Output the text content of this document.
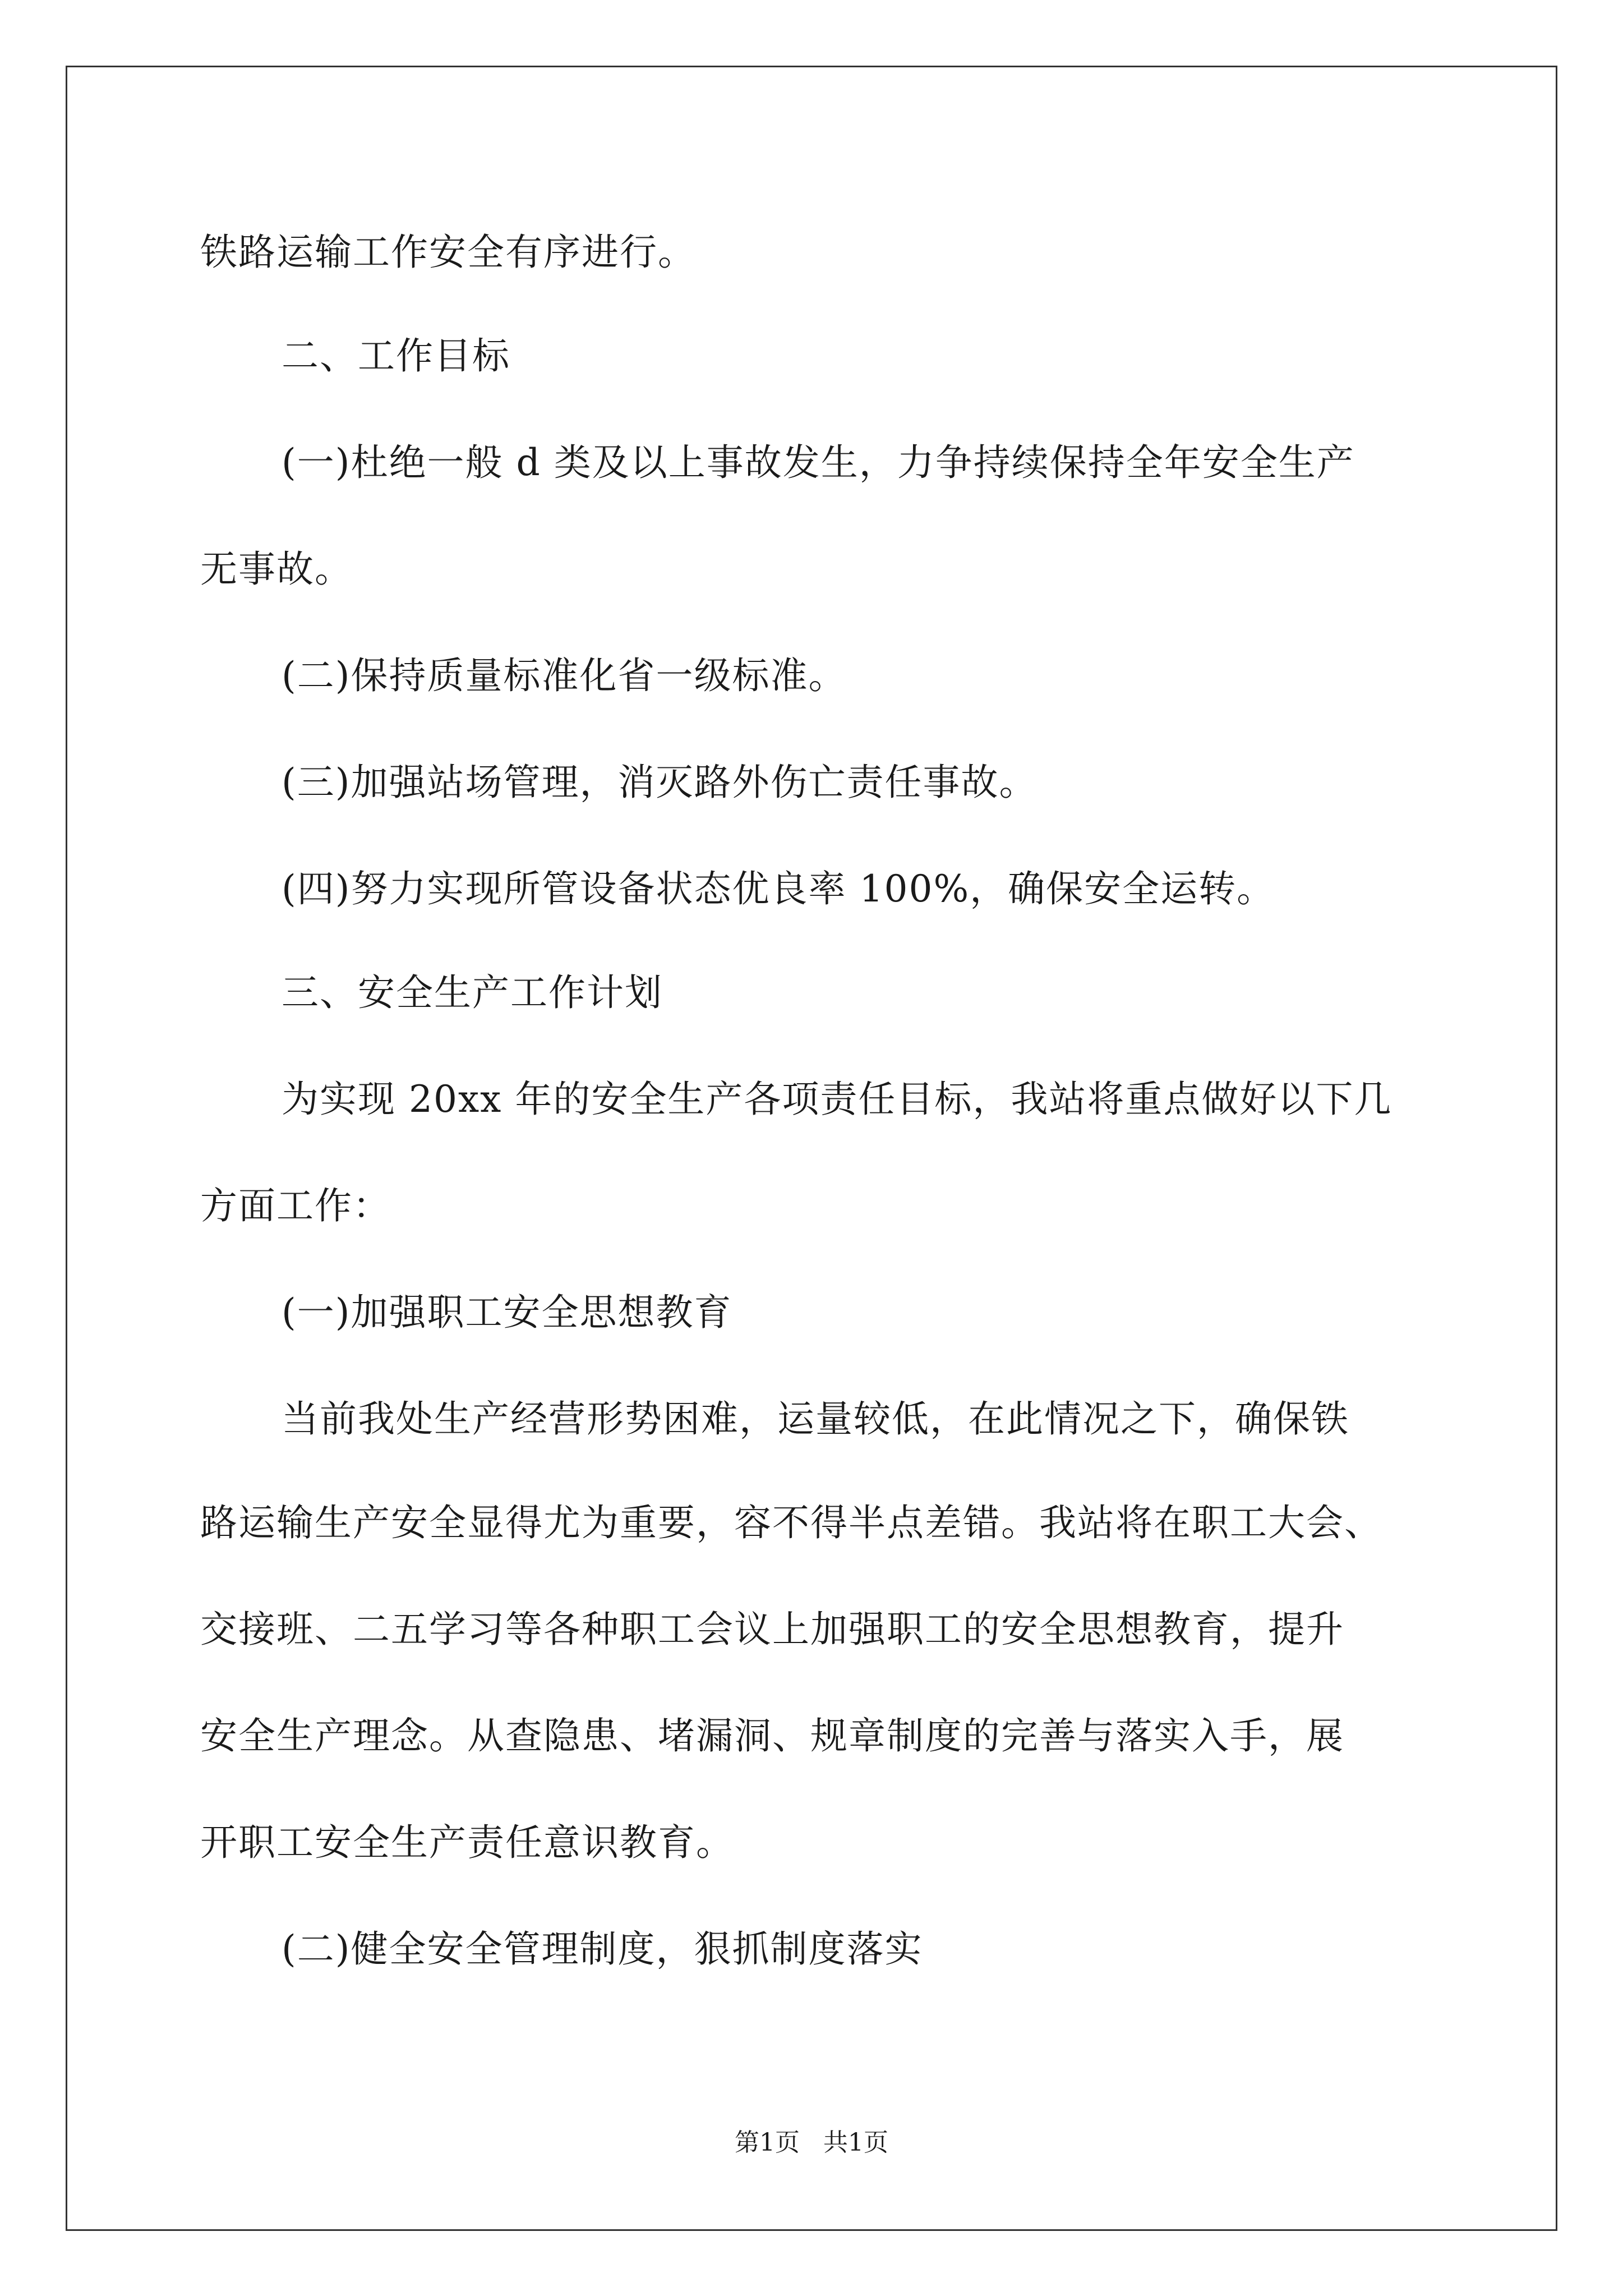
铁路运输工作安全有序进行。
二、工作目标
(一)杜绝一般 d 类及以上事故发生，力争持续保持全年安全生产
无事故。
(二)保持质量标准化省一级标准。
(三)加强站场管理，消灭路外伤亡责任事故。
(四)努力实现所管设备状态优良率 100%，确保安全运转。
三、安全生产工作计划
为实现 20xx 年的安全生产各项责任目标，我站将重点做好以下几
方面工作：
(一)加强职工安全思想教育
当前我处生产经营形势困难，运量较低，在此情况之下，确保铁
路运输生产安全显得尤为重要，容不得半点差错。我站将在职工大会、
交接班、二五学习等各种职工会议上加强职工的安全思想教育，提升
安全生产理念。从查隐患、堵漏洞、规章制度的完善与落实入手，展
开职工安全生产责任意识教育。
(二)健全安全管理制度，狠抓制度落实
第1页   共1页
